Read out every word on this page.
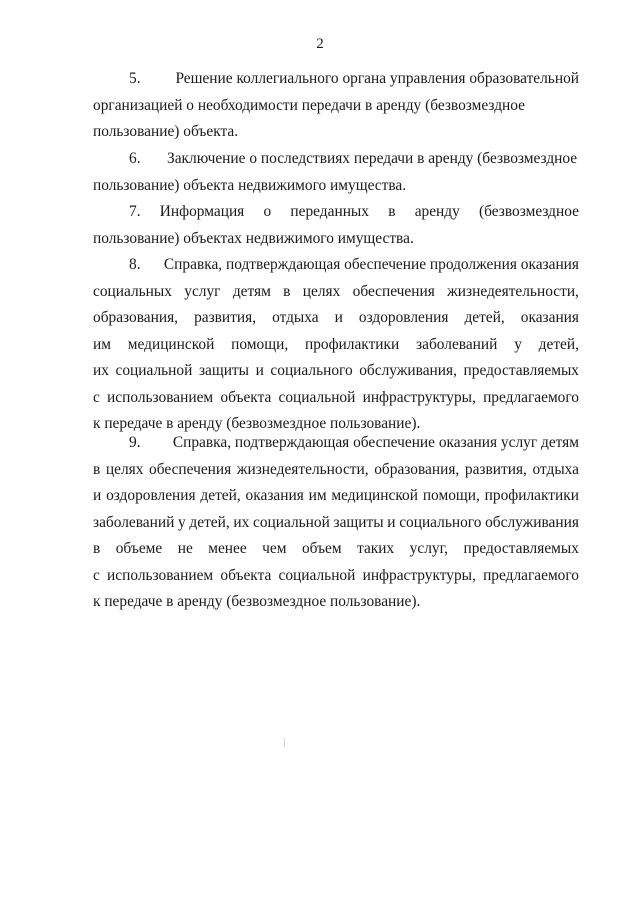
2
5. Решение коллегиального органа управления образовательной
организацией о необходимости передачи в аренду (безвозмездное
пользование) объекта.
6. Заключение о последствиях передачи в аренду (безвозмездное
пользование) объекта недвижимого имущества.
7. Информация о переданных в аренду (безвозмездное
пользование) объектах недвижимого имущества.
8. Справка, подтверждающая обеспечение продолжения оказания
социальных услуг детям в целях обеспечения жизнедеятельности,
образования, развития, отдыха и оздоровления детей, оказания
им медицинской помощи, профилактики заболеваний у детей,
их социальной защиты и социального обслуживания, предоставляемых
с использованием объекта социальной инфраструктуры, предлагаемого
к передаче в аренду (безвозмездное пользование).
9. Справка, подтверждающая обеспечение оказания услуг детям
в целях обеспечения жизнедеятельности, образования, развития, отдыха
и оздоровления детей, оказания им медицинской помощи, профилактики
заболеваний у детей, их социальной защиты и социального обслуживания
в объеме не менее чем объем таких услуг, предоставляемых
с использованием объекта социальной инфраструктуры, предлагаемого
к передаче в аренду (безвозмездное пользование).
/
